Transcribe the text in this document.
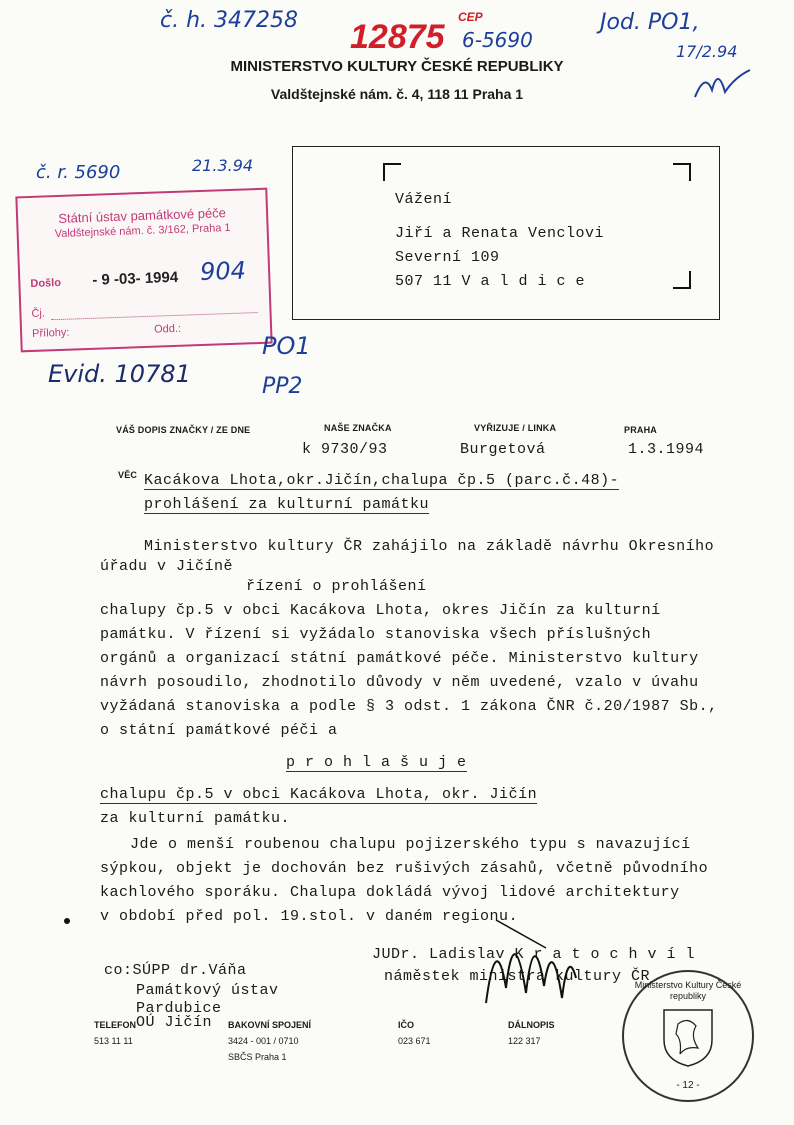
č. h. 347258 12875
CEP
6-5690
Jod. PO1,
17/2.94
MINISTERSTVO KULTURY ČESKÉ REPUBLIKY
Valdštejnské nám. č. 4, 118 11 Praha 1
č. r. 5690	21.3.94
Státní ústav památkové péče
Valdštejnské nám. č. 3/162, Praha 1
Došlo - 9 -03- 1994 904
Čj.
Přílohy:	Odd.:
Vážení
Jiří a Renata Venclovi
Severní 109
507 11 V a l d i c e
Evid. 10781
PO1
PP2
VÁŠ DOPIS ZNAČKY / ZE DNE	NAŠE ZNAČKA
k 9730/93
VYŘIZUJE / LINKA
Burgetová
PRAHA
1.3.1994
VĚC Kacákova Lhota,okr.Jičín,chalupa čp.5 (parc.č.48)-
prohlášení za kulturní památku
Ministerstvo kultury ČR zahájilo na základě návrhu Okresního
úřadu v Jičíně
řízení o prohlášení
chalupy čp.5 v obci Kacákova Lhota, okres Jičín za kulturní
památku. V řízení si vyžádalo stanoviska všech příslušných
orgánů a organizací státní památkové péče. Ministerstvo kultury
návrh posoudilo, zhodnotilo důvody v něm uvedené, vzalo v úvahu
vyžádaná stanoviska a podle § 3 odst. 1 zákona ČNR č.20/1987 Sb.,
o státní památkové péči a
p r o h l a š u j e
chalupu čp.5 v obci Kacákova Lhota, okr. Jičín
za kulturní památku.
Jde o menší roubenou chalupu pojizerského typu s navazující
sýpkou, objekt je dochován bez rušivých zásahů, včetně původního
kachlového sporáku. Chalupa dokládá vývoj lidové architektury
v období před pol. 19.stol. v daném regionu.
co:SÚPP dr.Váňa
Památkový ústav
Pardubice
OÚ Jičín
JUDr. Ladislav K r a t o c h v í l
náměstek ministra kultury ČR
Ministerstvo Kultury České republiky
- 12 -
TELEFON
513 11 11
BAKOVNÍ SPOJENÍ
3424 - 001 / 0710
SBČS Praha 1
IČO
023 671
DÁLNOPIS
122 317
